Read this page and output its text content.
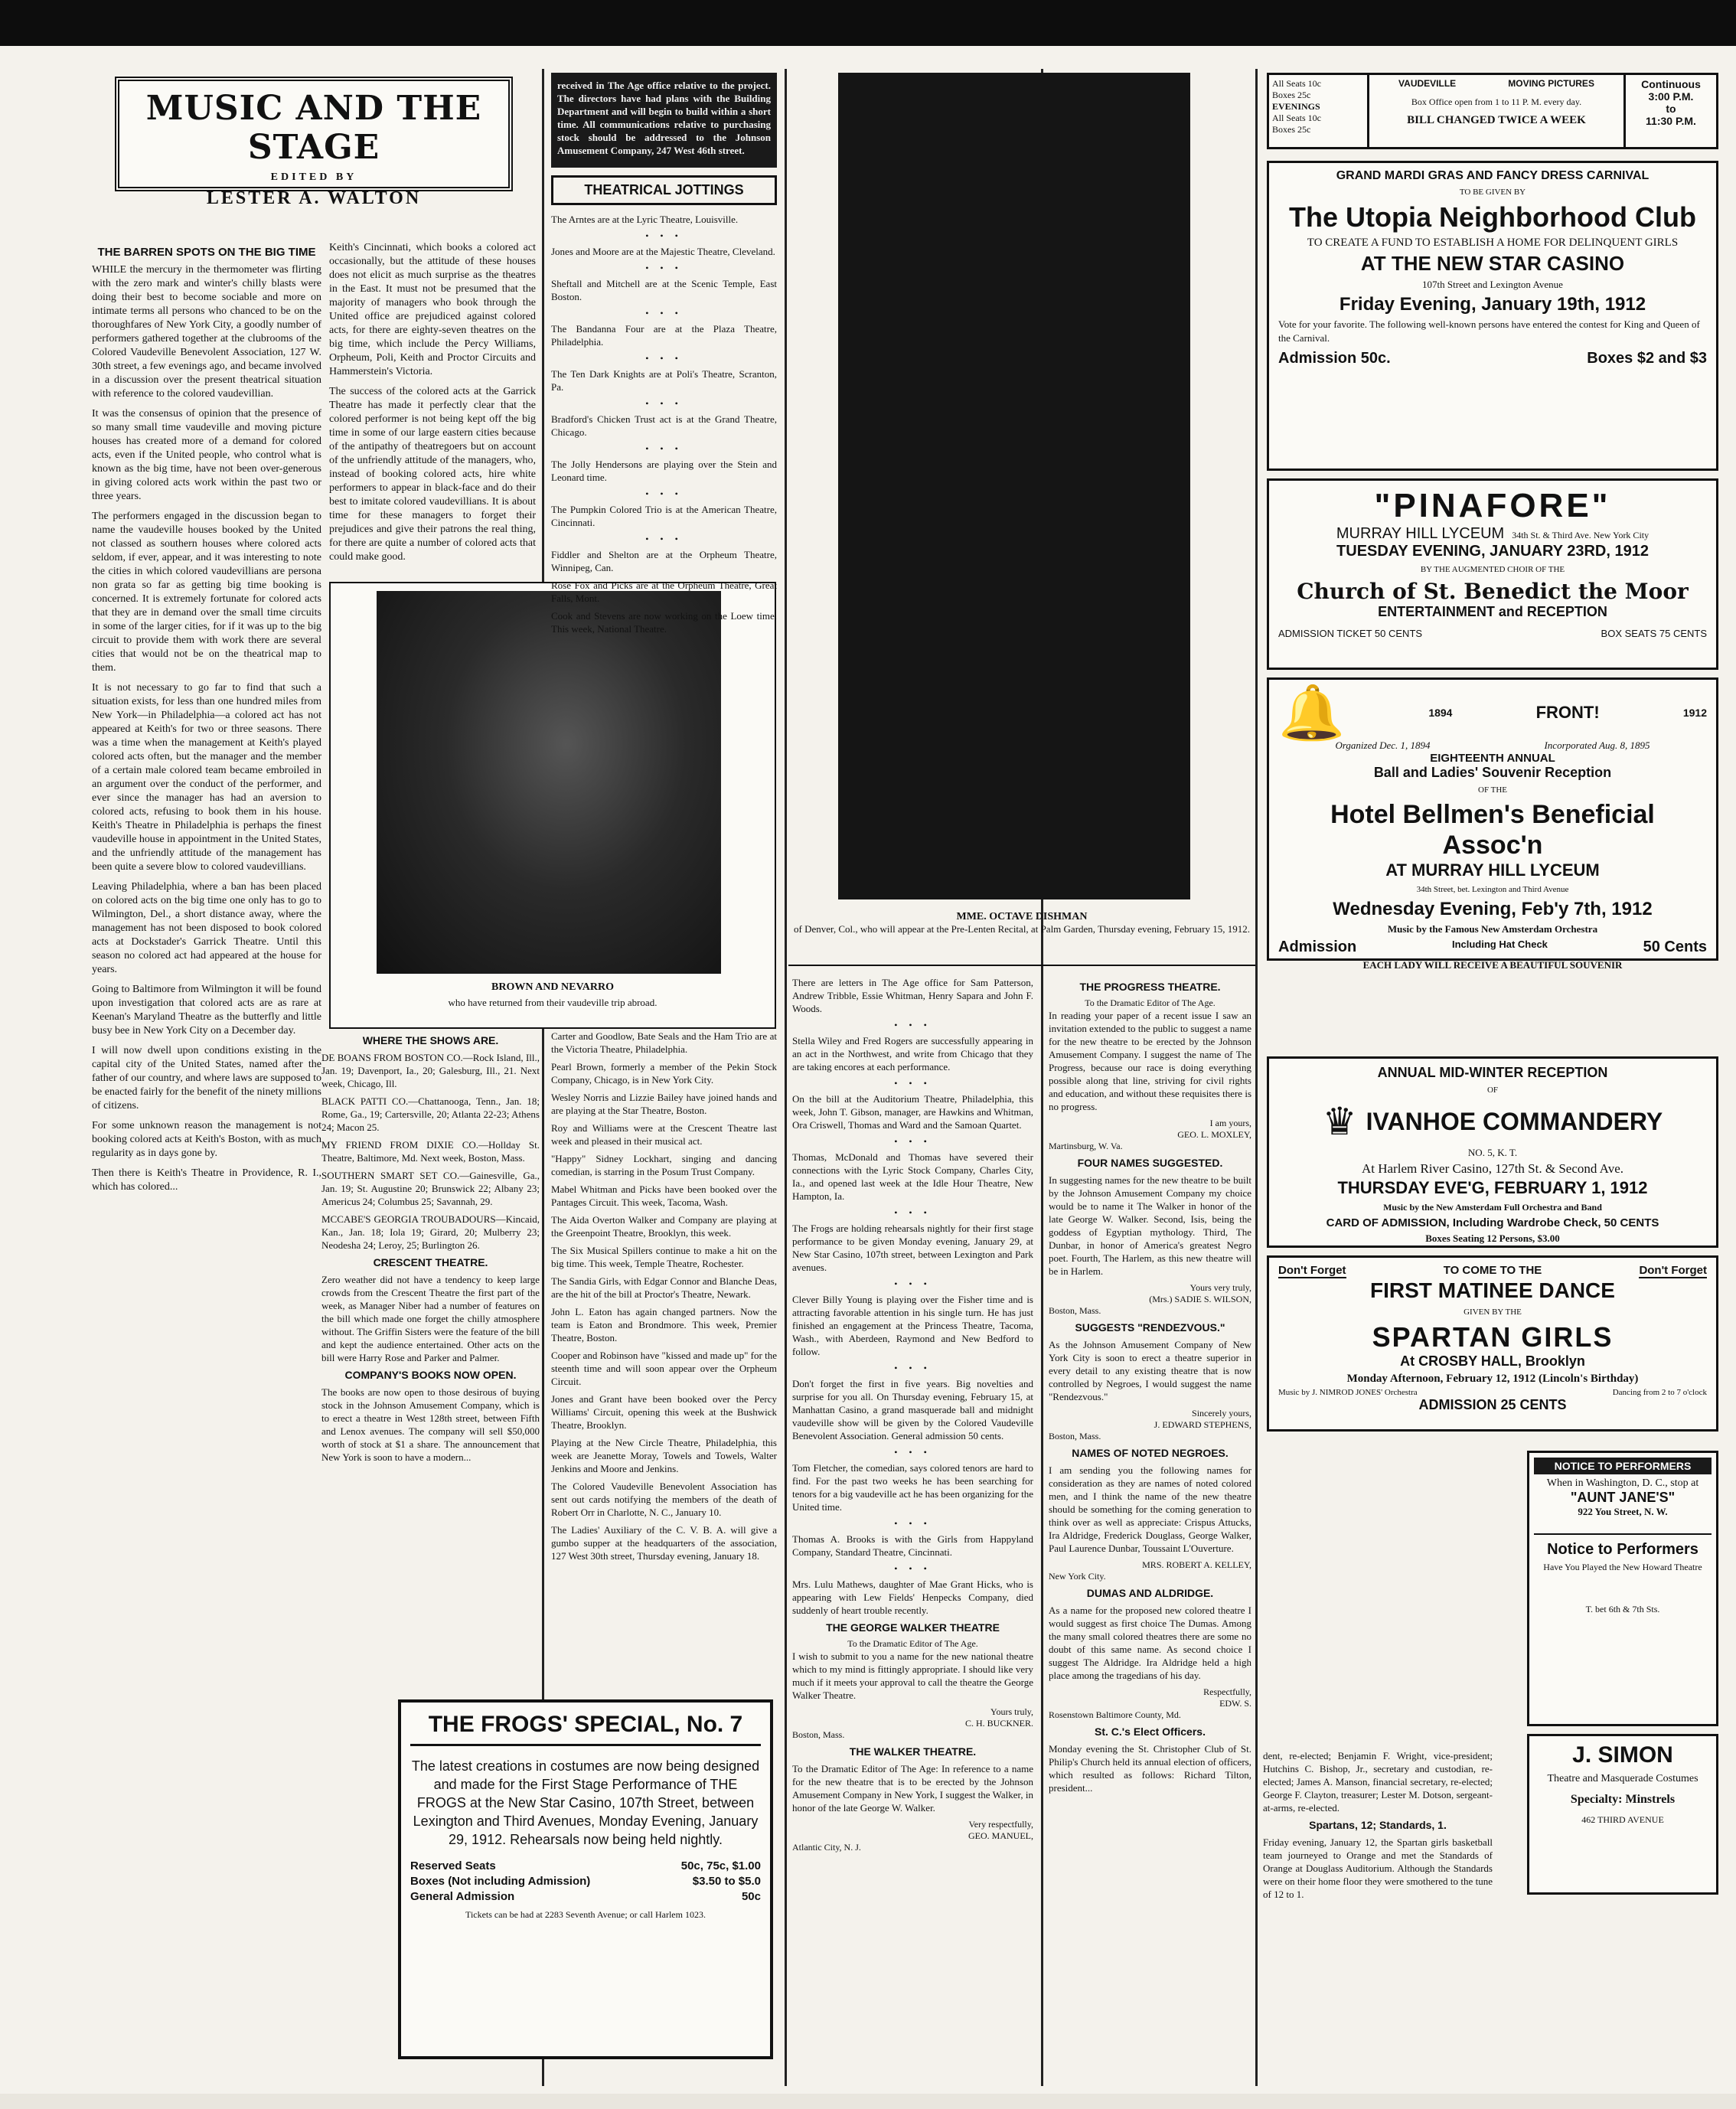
MUSIC AND THE STAGE
EDITED BY
LESTER A. WALTON
THE BARREN SPOTS ON THE BIG TIME

WHILE the mercury in the thermometer was flirting with the zero mark and winter's chilly blasts were doing their best to become sociable and more on intimate terms all persons who chanced to be on the thoroughfares of New York City, a goodly number of performers gathered together at the clubrooms of the Colored Vaudeville Benevolent Association, 127 W. 30th street, a few evenings ago, and became involved in a discussion over the present theatrical situation with reference to the colored vaudevillian.

It was the consensus of opinion that the presence of so many small time vaudeville and moving picture houses has created more of a demand for colored acts, even if the United people, who control what is known as the big time, have not been over-generous in giving colored acts work within the past two or three years.

The performers engaged in the discussion began to name the vaudeville houses booked by the United not classed as southern houses where colored acts seldom, if ever, appear, and it was interesting to note the cities in which colored vaudevillians are persona non grata so far as getting big time booking is concerned. It is extremely fortunate for colored acts that they are in demand over the small time circuits in some of the larger cities, for if it was up to the big circuit to provide them with work there are several cities that would not be on the theatrical map to them.

It is not necessary to go far to find that such a situation exists, for less than one hundred miles from New York—in Philadelphia—a colored act has not appeared at Keith's for two or three seasons. There was a time when the management at Keith's played colored acts often, but the manager and the member of a certain male colored team became embroiled in an argument over the conduct of the performer, and ever since the manager has had an aversion to colored acts, refusing to book them in his house. Keith's Theatre in Philadelphia is perhaps the finest vaudeville house in appointment in the United States, and the unfriendly attitude of the management has been quite a severe blow to colored vaudevillians.

Leaving Philadelphia, where a ban has been placed on colored acts on the big time one only has to go to Wilmington, Del., a short distance away, where the management has not been disposed to book colored acts at Dockstader's Garrick Theatre. Until this season no colored act had appeared at the house for years.

Going to Baltimore from Wilmington it will be found upon investigation that colored acts are as rare at Keenan's Maryland Theatre as the butterfly and little busy bee in New York City on a December day.

I will now dwell upon conditions existing in the capital city of the United States, named after the father of our country, and where laws are supposed to be enacted fairly for the benefit of the ninety millions of citizens.

For some unknown reason the management is not booking colored acts at Keith's Boston, with as much regularity as in days gone by.

Then there is Keith's Theatre in Providence, R. I., which has colored...

Keith's Cincinnati, which books a colored act occasionally, but the attitude of these houses does not elicit as much surprise as the theatres in the East. It must not be presumed that the majority of managers who book through the United office are prejudiced against colored acts, for there are eighty-seven theatres on the big time, which include the Percy Williams, Orpheum, Poli, Keith and Proctor Circuits and Hammerstein's Victoria.

The success of the colored acts at the Garrick Theatre has made it perfectly clear that the colored performer is not being kept off the big time in some of our large eastern cities because of the antipathy of theatregoers but on account of the unfriendly attitude of the managers, who, instead of booking colored acts, hire white performers to appear in black-face and do their best to imitate colored vaudevillians. It is about time for these managers to forget their prejudices and give their patrons the real thing, for there are quite a number of colored acts that could make good.

BROWN AND NEVARRO
who have returned from their vaudeville trip abroad.

received in The Age office relative to the project. The directors have had plans with the Building Department and will begin to build within a short time. All communications relative to purchasing stock should be addressed to the Johnson Amusement Company, 247 West 46th street.

THEATRICAL JOTTINGS

The Arntes are at the Lyric Theatre, Louisville.

• • •

Jones and Moore are at the Majestic Theatre, Cleveland.

• • •

Sheftall and Mitchell are at the Scenic Temple, East Boston.

• • •

The Bandanna Four are at the Plaza Theatre, Philadelphia.

• • •

The Ten Dark Knights are at Poli's Theatre, Scranton, Pa.

• • •

Bradford's Chicken Trust act is at the Grand Theatre, Chicago.

• • •

The Jolly Hendersons are playing over the Stein and Leonard time.

• • •

The Pumpkin Colored Trio is at the American Theatre, Cincinnati.

• • •

Fiddler and Shelton are at the Orpheum Theatre, Winnipeg, Can.

Rose Fox and Picks are at the Orpheum Theatre, Great Falls, Mont.

Cook and Stevens are now working on the Loew time. This week, National Theatre.

WHERE THE SHOWS ARE.

DE BOANS FROM BOSTON CO.—Rock Island, Ill., Jan. 19; Davenport, Ia., 20; Galesburg, Ill., 21. Next week, Chicago, Ill.

BLACK PATTI CO.—Chattanooga, Tenn., Jan. 18; Rome, Ga., 19; Cartersville, 20; Atlanta 22-23; Athens 24; Macon 25.

MY FRIEND FROM DIXIE CO.—Hollday St. Theatre, Baltimore, Md. Next week, Boston, Mass.

SOUTHERN SMART SET CO.—Gainesville, Ga., Jan. 19; St. Augustine 20; Brunswick 22; Albany 23; Americus 24; Columbus 25; Savannah, 29.

MCCABE'S GEORGIA TROUBADOURS—Kincaid, Kan., Jan. 18; Iola 19; Girard, 20; Mulberry 23; Neodesha 24; Leroy, 25; Burlington 26.

CRESCENT THEATRE.

Zero weather did not have a tendency to keep large crowds from the Crescent Theatre the first part of the week, as Manager Niber had a number of features on the bill which made one forget the chilly atmosphere without. The Griffin Sisters were the feature of the bill and kept the audience entertained. Other acts on the bill were Harry Rose and Parker and Palmer.

COMPANY'S BOOKS NOW OPEN.

The books are now open to those desirous of buying stock in the Johnson Amusement Company, which is to erect a theatre in West 128th street, between Fifth and Lenox avenues. The company will sell $50,000 worth of stock at $1 a share. The announcement that New York is soon to have a modern...

Carter and Goodlow, Bate Seals and the Ham Trio are at the Victoria Theatre, Philadelphia.

Pearl Brown, formerly a member of the Pekin Stock Company, Chicago, is in New York City.

Wesley Norris and Lizzie Bailey have joined hands and are playing at the Star Theatre, Boston.

Roy and Williams were at the Crescent Theatre last week and pleased in their musical act.

"Happy" Sidney Lockhart, singing and dancing comedian, is starring in the Posum Trust Company.

Mabel Whitman and Picks have been booked over the Pantages Circuit. This week, Tacoma, Wash.

The Aida Overton Walker and Company are playing at the Greenpoint Theatre, Brooklyn, this week.

The Six Musical Spillers continue to make a hit on the big time. This week, Temple Theatre, Rochester.

The Sandia Girls, with Edgar Connor and Blanche Deas, are the hit of the bill at Proctor's Theatre, Newark.

John L. Eaton has again changed partners. Now the team is Eaton and Brondmore. This week, Premier Theatre, Boston.

Cooper and Robinson have "kissed and made up" for the steenth time and will soon appear over the Orpheum Circuit.

Jones and Grant have been booked over the Percy Williams' Circuit, opening this week at the Bushwick Theatre, Brooklyn.

Playing at the New Circle Theatre, Philadelphia, this week are Jeanette Moray, Towels and Towels, Walter Jenkins and Moore and Jenkins.

The Colored Vaudeville Benevolent Association has sent out cards notifying the members of the death of Robert Orr in Charlotte, N. C., January 10.

The Ladies' Auxiliary of the C. V. B. A. will give a gumbo supper at the headquarters of the association, 127 West 30th street, Thursday evening, January 18.

THE FROGS' SPECIAL, No. 7

The latest creations in costumes are now being designed and made for the First Stage Performance of THE FROGS at the New Star Casino, 107th Street, between Lexington and Third Avenues, Monday Evening, January 29, 1912. Rehearsals now being held nightly.

Reserved Seats	50c, 75c, $1.00
Boxes (Not including Admission)	$3.50 to $5.0
General Admission	50c
Tickets can be had at 2283 Seventh Avenue; or call Harlem 1023.
MME. OCTAVE DISHMAN
of Denver, Col., who will appear at the Pre-Lenten Recital, at Palm Garden, Thursday evening, February 15, 1912.

There are letters in The Age office for Sam Patterson, Andrew Tribble, Essie Whitman, Henry Sapara and John F. Woods.

• • •

Stella Wiley and Fred Rogers are successfully appearing in an act in the Northwest, and write from Chicago that they are taking encores at each performance.

• • •

On the bill at the Auditorium Theatre, Philadelphia, this week, John T. Gibson, manager, are Hawkins and Whitman, Ora Criswell, Thomas and Ward and the Samoan Quartet.

• • •

Thomas, McDonald and Thomas have severed their connections with the Lyric Stock Company, Charles City, Ia., and opened last week at the Idle Hour Theatre, New Hampton, Ia.

• • •

The Frogs are holding rehearsals nightly for their first stage performance to be given Monday evening, January 29, at New Star Casino, 107th street, between Lexington and Park avenues.

• • •

Clever Billy Young is playing over the Fisher time and is attracting favorable attention in his single turn. He has just finished an engagement at the Princess Theatre, Tacoma, Wash., with Aberdeen, Raymond and New Bedford to follow.

• • •

Don't forget the first in five years. Big novelties and surprise for you all. On Thursday evening, February 15, at Manhattan Casino, a grand masquerade ball and midnight vaudeville show will be given by the Colored Vaudeville Benevolent Association. General admission 50 cents.

• • •

Tom Fletcher, the comedian, says colored tenors are hard to find. For the past two weeks he has been searching for tenors for a big vaudeville act he has been organizing for the United time.

• • •

Thomas A. Brooks is with the Girls from Happyland Company, Standard Theatre, Cincinnati.

• • •

Mrs. Lulu Mathews, daughter of Mae Grant Hicks, who is appearing with Lew Fields' Henpecks Company, died suddenly of heart trouble recently.

THE GEORGE WALKER THEATRE
To the Dramatic Editor of The Age.

I wish to submit to you a name for the new national theatre which to my mind is fittingly appropriate. I should like very much if it meets your approval to call the theatre the George Walker Theatre.

Yours truly,
C. H. BUCKNER.
Boston, Mass.
THE WALKER THEATRE.

To the Dramatic Editor of The Age: In reference to a name for the new theatre that is to be erected by the Johnson Amusement Company in New York, I suggest the Walker, in honor of the late George W. Walker.

Very respectfully,
GEO. MANUEL,
Atlantic City, N. J.
THE PROGRESS THEATRE.
To the Dramatic Editor of The Age.

In reading your paper of a recent issue I saw an invitation extended to the public to suggest a name for the new theatre to be erected by the Johnson Amusement Company. I suggest the name of The Progress, because our race is doing everything possible along that line, striving for civil rights and education, and without these requisites there is no progress.

I am yours,
GEO. L. MOXLEY,
Martinsburg, W. Va.
FOUR NAMES SUGGESTED.

In suggesting names for the new theatre to be built by the Johnson Amusement Company my choice would be to name it The Walker in honor of the late George W. Walker. Second, Isis, being the goddess of Egyptian mythology. Third, The Dunbar, in honor of America's greatest Negro poet. Fourth, The Harlem, as this new theatre will be in Harlem.

Yours very truly,
(Mrs.) SADIE S. WILSON,
Boston, Mass.
SUGGESTS "RENDEZVOUS."

As the Johnson Amusement Company of New York City is soon to erect a theatre superior in every detail to any existing theatre that is now controlled by Negroes, I would suggest the name "Rendezvous."

Sincerely yours,
J. EDWARD STEPHENS,
Boston, Mass.
NAMES OF NOTED NEGROES.

I am sending you the following names for consideration as they are names of noted colored men, and I think the name of the new theatre should be something for the coming generation to think over as well as appreciate: Crispus Attucks, Ira Aldridge, Frederick Douglass, George Walker, Paul Laurence Dunbar, Toussaint L'Ouverture.

MRS. ROBERT A. KELLEY,
New York City.
DUMAS AND ALDRIDGE.

As a name for the proposed new colored theatre I would suggest as first choice The Dumas. Among the many small colored theatres there are some no doubt of this same name. As second choice I suggest The Aldridge. Ira Aldridge held a high place among the tragedians of his day.

Respectfully,
EDW. S.
Rosenstown Baltimore County, Md.
St. C.'s Elect Officers.

Monday evening the St. Christopher Club of St. Philip's Church held its annual election of officers, which resulted as follows: Richard Tilton, president...

dent, re-elected; Benjamin F. Wright, vice-president; Hutchins C. Bishop, Jr., secretary and custodian, re-elected; James A. Manson, financial secretary, re-elected; George F. Clayton, treasurer; Lester M. Dotson, sergeant-at-arms, re-elected.

Spartans, 12; Standards, 1.

Friday evening, January 12, the Spartan girls basketball team journeyed to Orange and met the Standards of Orange at Douglass Auditorium. Although the Standards were on their home floor they were smothered to the tune of 12 to 1.

All Seats 10c
Boxes 25c
EVENINGS
All Seats 10c
Boxes 25c
VAUDEVILLE	MOVING PICTURES
Box Office open from 1 to 11 P. M. every day.
BILL CHANGED TWICE A WEEK
Continuous
3:00 P.M.
to
11:30 P.M.
GRAND MARDI GRAS AND FANCY DRESS CARNIVAL

TO BE GIVEN BY

The Utopia Neighborhood Club

TO CREATE A FUND TO ESTABLISH A HOME FOR DELINQUENT GIRLS

AT THE NEW STAR CASINO

107th Street and Lexington Avenue

Friday Evening, January 19th, 1912

Vote for your favorite. The following well-known persons have entered the contest for King and Queen of the Carnival.

Admission 50c.	Boxes $2 and $3
"PINAFORE"
MURRAY HILL LYCEUM 34th St. & Third Ave. New York City
TUESDAY EVENING, JANUARY 23RD, 1912

BY THE AUGMENTED CHOIR OF THE

Church of St. Benedict the Moor
ENTERTAINMENT and RECEPTION
ADMISSION TICKET 50 CENTS	BOX SEATS 75 CENTS
🔔	1894	FRONT!	1912
Organized Dec. 1, 1894	Incorporated Aug. 8, 1895
EIGHTEENTH ANNUAL
Ball and Ladies' Souvenir Reception

OF THE

Hotel Bellmen's Beneficial Assoc'n
AT MURRAY HILL LYCEUM

34th Street, bet. Lexington and Third Avenue

Wednesday Evening, Feb'y 7th, 1912

Music by the Famous New Amsterdam Orchestra

Admission	Including Hat Check	50 Cents

EACH LADY WILL RECEIVE A BEAUTIFUL SOUVENIR

ANNUAL MID-WINTER RECEPTION

OF

♛ IVANHOE COMMANDERY

NO. 5, K. T.

At Harlem River Casino, 127th St. & Second Ave.

THURSDAY EVE'G, FEBRUARY 1, 1912

Music by the New Amsterdam Full Orchestra and Band

CARD OF ADMISSION, Including Wardrobe Check, 50 CENTS

Boxes Seating 12 Persons, $3.00

Don't Forget	TO COME TO THE	Don't Forget
FIRST MATINEE DANCE

GIVEN BY THE

SPARTAN GIRLS
At CROSBY HALL, Brooklyn

Monday Afternoon, February 12, 1912 (Lincoln's Birthday)

Music by J. NIMROD JONES' Orchestra	Dancing from 2 to 7 o'clock
ADMISSION 25 CENTS
NOTICE TO PERFORMERS
When in Washington, D. C., stop at
"AUNT JANE'S"
922 You Street, N. W.
Notice to Performers
Have You Played the New Howard Theatre
T. bet 6th & 7th Sts.
J. SIMON
Theatre and Masquerade Costumes
Specialty: Minstrels
462 THIRD AVENUE
